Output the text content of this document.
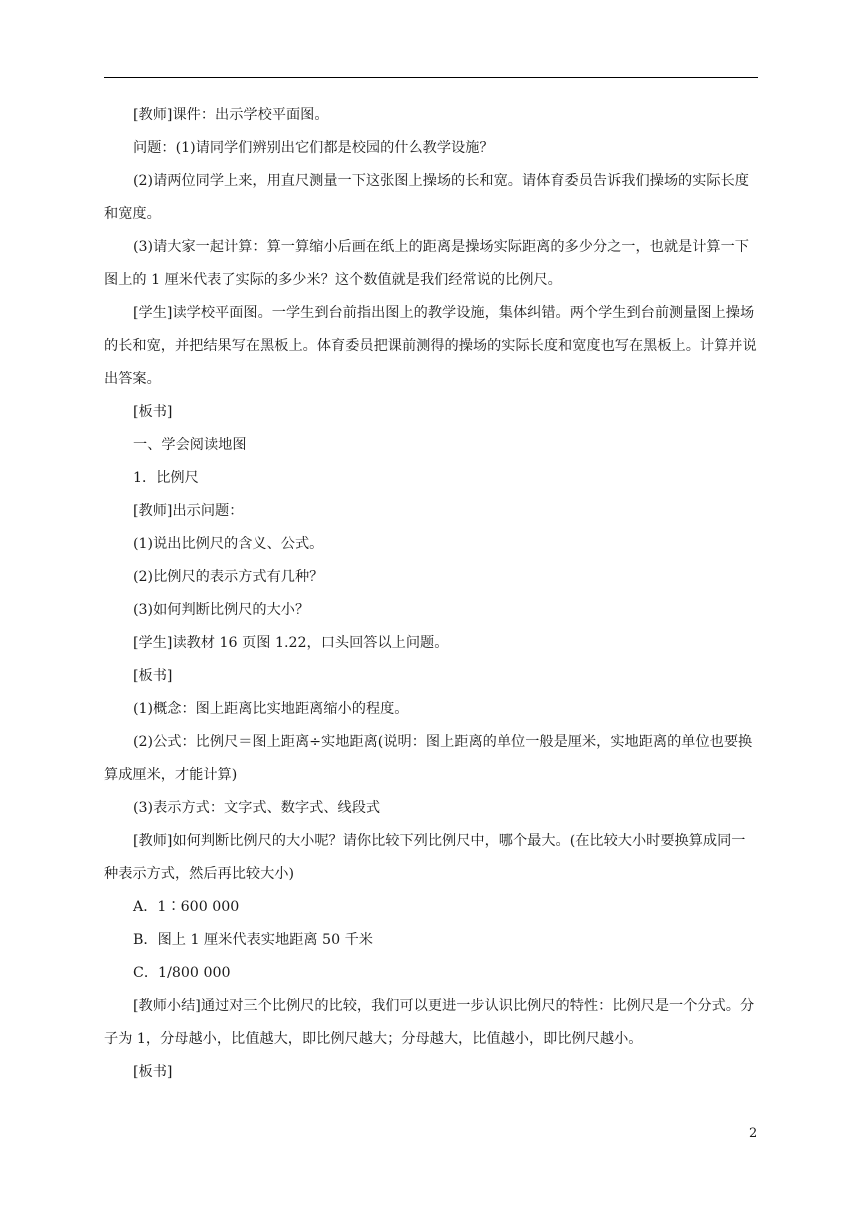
[教师]课件：出示学校平面图。

问题：(1)请同学们辨别出它们都是校园的什么教学设施？

(2)请两位同学上来，用直尺测量一下这张图上操场的长和宽。请体育委员告诉我们操场的实际长度和宽度。

(3)请大家一起计算：算一算缩小后画在纸上的距离是操场实际距离的多少分之一，也就是计算一下图上的 1 厘米代表了实际的多少米？这个数值就是我们经常说的比例尺。

[学生]读学校平面图。一学生到台前指出图上的教学设施，集体纠错。两个学生到台前测量图上操场的长和宽，并把结果写在黑板上。体育委员把课前测得的操场的实际长度和宽度也写在黑板上。计算并说出答案。

[板书]

一、学会阅读地图

1．比例尺

[教师]出示问题：

(1)说出比例尺的含义、公式。

(2)比例尺的表示方式有几种？

(3)如何判断比例尺的大小？

[学生]读教材 16 页图 1.22，口头回答以上问题。

[板书]

(1)概念：图上距离比实地距离缩小的程度。

(2)公式：比例尺＝图上距离÷实地距离(说明：图上距离的单位一般是厘米，实地距离的单位也要换算成厘米，才能计算)

(3)表示方式：文字式、数字式、线段式

[教师]如何判断比例尺的大小呢？请你比较下列比例尺中，哪个最大。(在比较大小时要换算成同一种表示方式，然后再比较大小)

A．1∶600 000

B．图上 1 厘米代表实地距离 50 千米

C．1/800 000

[教师小结]通过对三个比例尺的比较，我们可以更进一步认识比例尺的特性：比例尺是一个分式。分子为 1，分母越小，比值越大，即比例尺越大；分母越大，比值越小，即比例尺越小。

[板书]

2
